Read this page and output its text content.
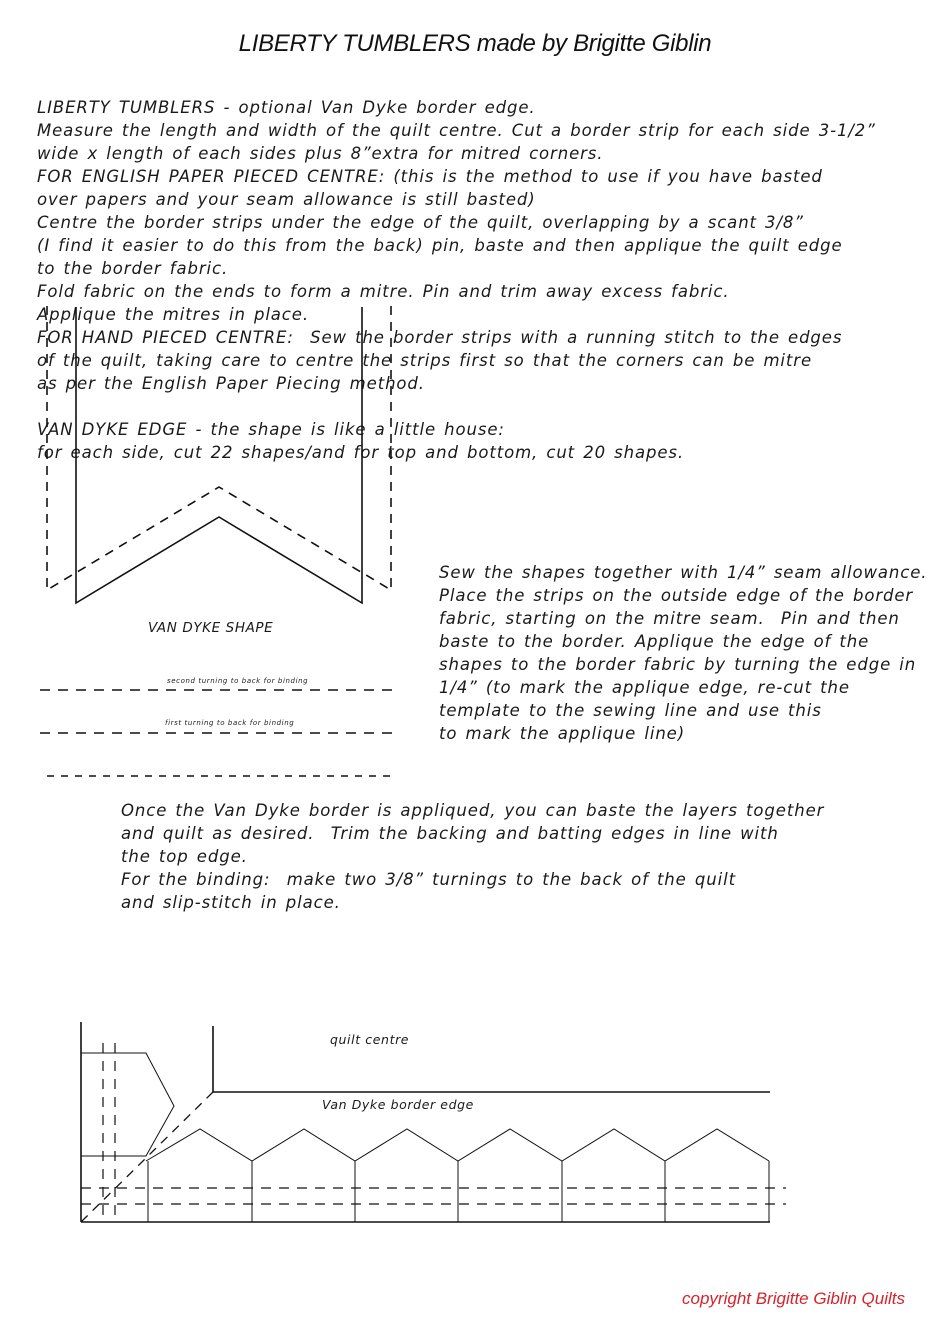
LIBERTY TUMBLERS made by Brigitte Giblin
LIBERTY TUMBLERS - optional Van Dyke border edge.
Measure the length and width of the quilt centre. Cut a border strip for each side 3-1/2”
wide x length of each sides plus 8”extra for mitred corners.
FOR ENGLISH PAPER PIECED CENTRE: (this is the method to use if you have basted
over papers and your seam allowance is still basted)
Centre the border strips under the edge of the quilt, overlapping by a scant 3/8”
(I find it easier to do this from the back) pin, baste and then applique the quilt edge
to the border fabric.
Fold fabric on the ends to form a mitre. Pin and trim away excess fabric.
Applique the mitres in place.
FOR HAND PIECED CENTRE:  Sew the border strips with a running stitch to the edges
of the quilt, taking care to centre the strips first so that the corners can be mitre
as per the English Paper Piecing method.
VAN DYKE EDGE - the shape is like a little house:
for each side, cut 22 shapes/and for top and bottom, cut 20 shapes.
VAN DYKE SHAPE
second turning to back for binding
first turning to back for binding
Sew the shapes together with 1/4” seam allowance.
Place the strips on the outside edge of the border
fabric, starting on the mitre seam.  Pin and then
baste to the border. Applique the edge of the
shapes to the border fabric by turning the edge in
1/4” (to mark the applique edge, re-cut the
template to the sewing line and use this
to mark the applique line)
Once the Van Dyke border is appliqued, you can baste the layers together
and quilt as desired.  Trim the backing and batting edges in line with
the top edge.
For the binding:  make two 3/8” turnings to the back of the quilt
and slip-stitch in place.
quilt centre
Van Dyke border edge
copyright Brigitte Giblin Quilts
